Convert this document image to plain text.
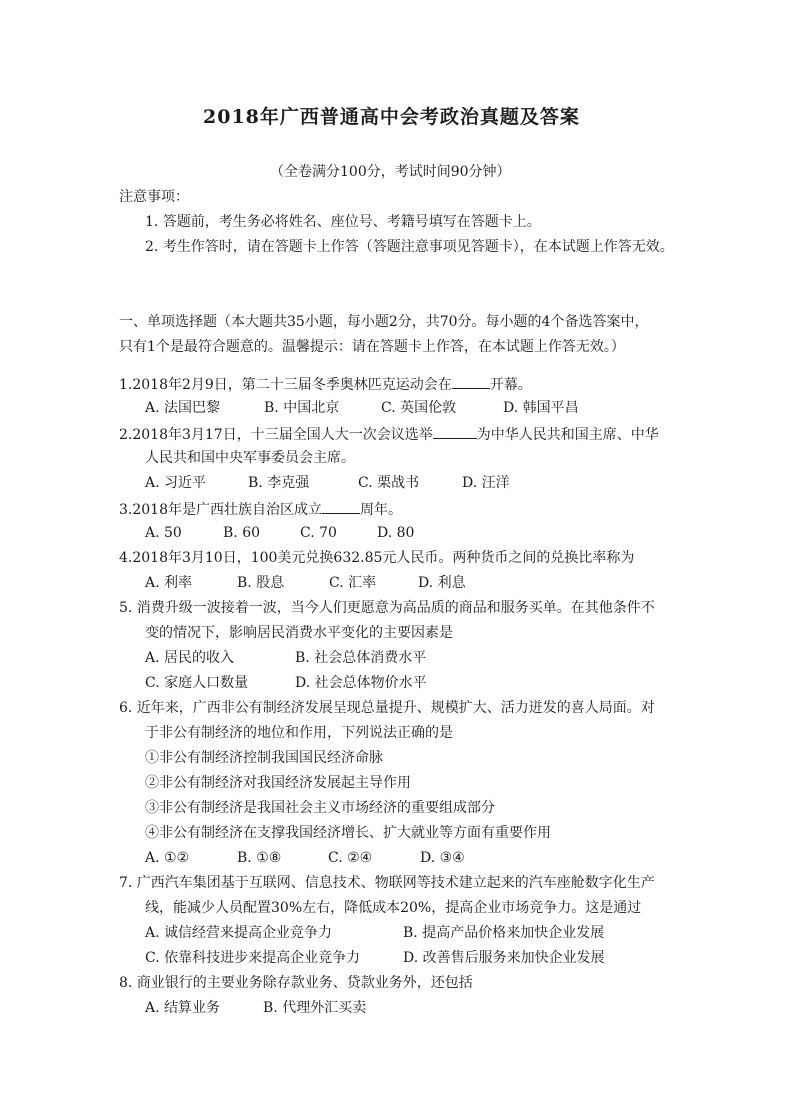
2018年广西普通高中会考政治真题及答案
（全卷满分100分，考试时间90分钟）
注意事项：
1. 答题前，考生务必将姓名、座位号、考籍号填写在答题卡上。
2. 考生作答时，请在答题卡上作答（答题注意事项见答题卡），在本试题上作答无效。
一、单项选择题（本大题共35小题，每小题2分，共70分。每小题的4个备选答案中，
只有1个是最符合题意的。温馨提示：请在答题卡上作答，在本试题上作答无效。）
1.2018年2月9日，第二十三届冬季奥林匹克运动会在	开幕。
A. 法国巴黎	B. 中国北京	C. 英国伦敦	D. 韩国平昌
2.2018年3月17日，十三届全国人大一次会议选举	为中华人民共和国主席、中华
人民共和国中央军事委员会主席。
A. 习近平	B. 李克强	C. 栗战书	D. 汪洋
3.2018年是广西壮族自治区成立	周年。
A. 50	B. 60	C. 70	D. 80
4.2018年3月10日，100美元兑换632.85元人民币。两种货币之间的兑换比率称为
A. 利率	B. 股息	C. 汇率	D. 利息
5. 消费升级一波接着一波，当今人们更愿意为高品质的商品和服务买单。在其他条件不
变的情况下，影响居民消费水平变化的主要因素是
A. 居民的收入	B. 社会总体消费水平
C. 家庭人口数量	D. 社会总体物价水平
6. 近年来，广西非公有制经济发展呈现总量提升、规模扩大、活力迸发的喜人局面。对
于非公有制经济的地位和作用，下列说法正确的是
①非公有制经济控制我国国民经济命脉
②非公有制经济对我国经济发展起主导作用
③非公有制经济是我国社会主义市场经济的重要组成部分
④非公有制经济在支撑我国经济增长、扩大就业等方面有重要作用
A. ①②	B. ①⑧	C. ②④	D. ③④
7. 广西汽车集团基于互联网、信息技术、物联网等技术建立起来的汽车座舱数字化生产
线，能减少人员配置30%左右，降低成本20%，提高企业市场竞争力。这是通过
A. 诚信经营来提高企业竞争力	B. 提高产品价格来加快企业发展
C. 依靠科技进步来提高企业竞争力	D. 改善售后服务来加快企业发展
8. 商业银行的主要业务除存款业务、贷款业务外，还包括
A. 结算业务	B. 代理外汇买卖
